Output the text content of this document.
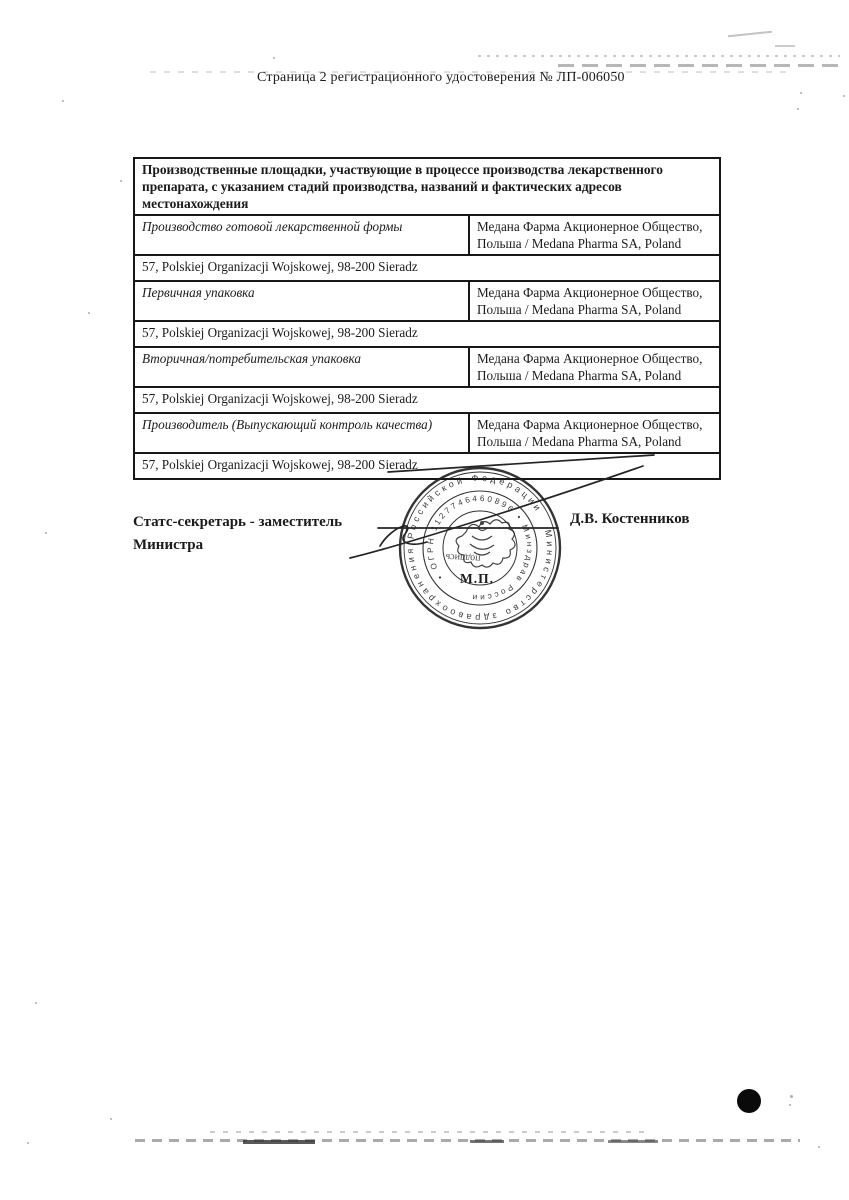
Страница 2 регистрационного удостоверения № ЛП-006050
Производственные площадки, участвующие в процессе производства лекарственного препарата, с указанием стадий производства, названий и фактических адресов местонахождения	
Производство готовой лекарственной формы	Медана Фарма Акционерное Общество, Польша / Medana Pharma SA, Poland
57, Polskiej Organizacji Wojskowej, 98-200 Sieradz	
Первичная упаковка	Медана Фарма Акционерное Общество, Польша / Medana Pharma SA, Poland
57, Polskiej Organizacji Wojskowej, 98-200 Sieradz	
Вторичная/потребительская упаковка	Медана Фарма Акционерное Общество, Польша / Medana Pharma SA, Poland
57, Polskiej Organizacji Wojskowej, 98-200 Sieradz	
Производитель (Выпускающий контроль качества)	Медана Фарма Акционерное Общество, Польша / Medana Pharma SA, Poland
57, Polskiej Organizacji Wojskowej, 98-200 Sieradz	
Статс-секретарь - заместитель
Министра
Д.В. Костенников
Министерство здравоохранения Российской Федерации
• ОГРН 1127746460896 • Минздрав России
подпись
М.П.
